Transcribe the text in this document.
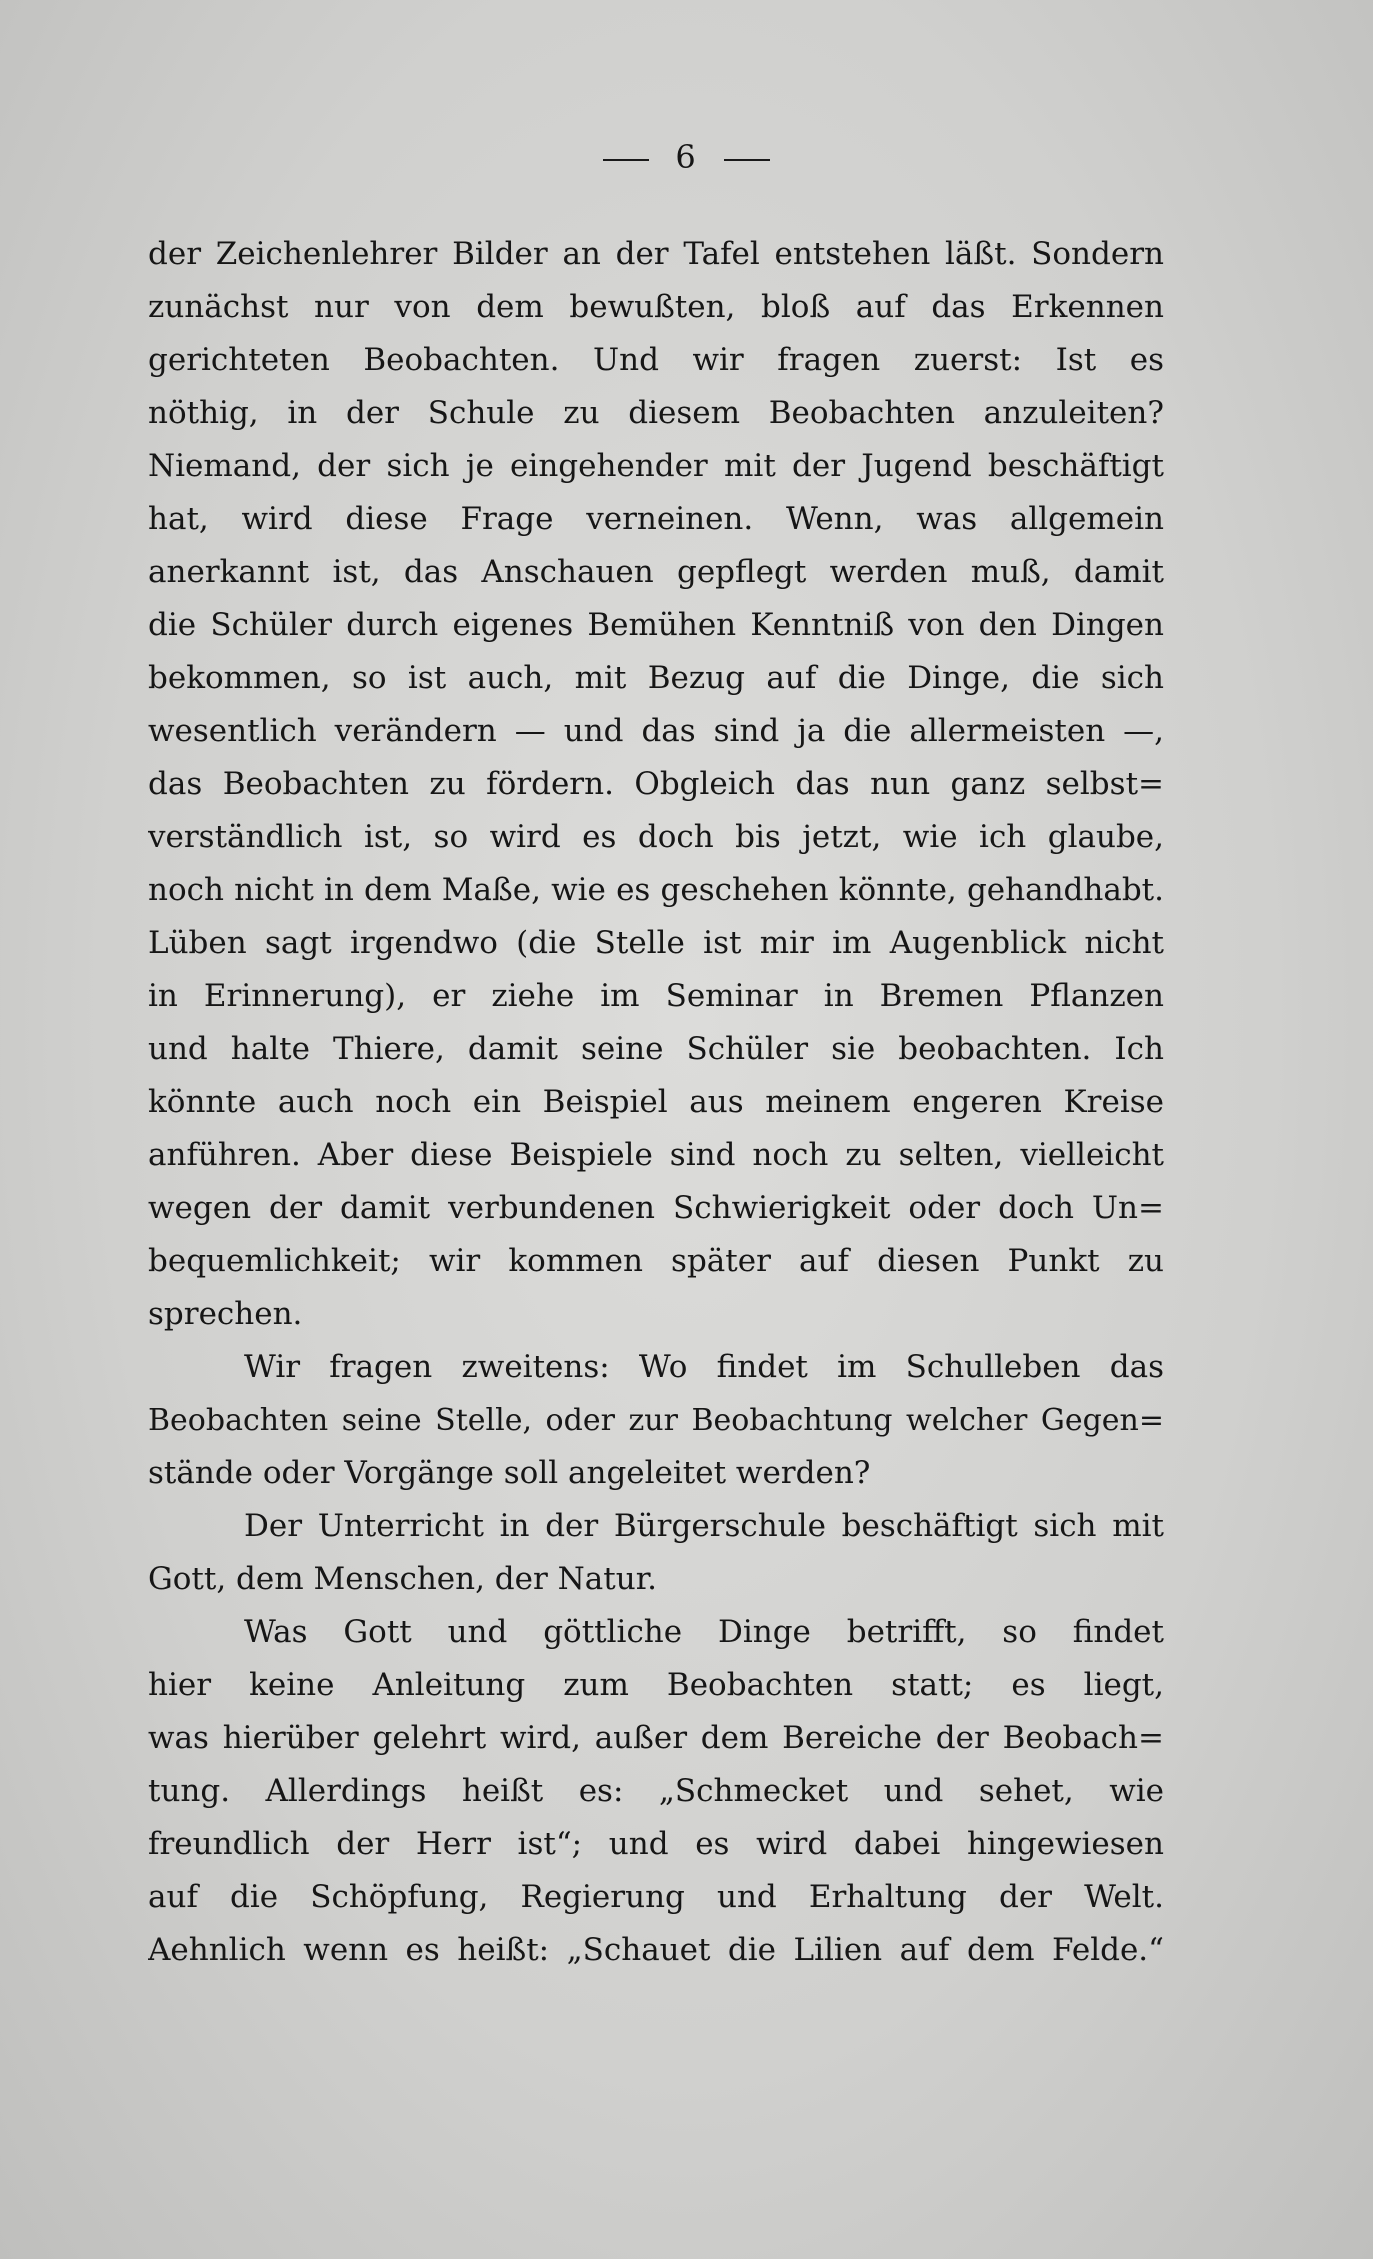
6
der Zeichenlehrer Bilder an der Tafel entstehen läßt. Sondern
zunächst nur von dem bewußten, bloß auf das Erkennen
gerichteten Beobachten. Und wir fragen zuerst: Ist es
nöthig, in der Schule zu diesem Beobachten anzuleiten?
Niemand, der sich je eingehender mit der Jugend beschäftigt
hat, wird diese Frage verneinen. Wenn, was allgemein
anerkannt ist, das Anschauen gepflegt werden muß, damit
die Schüler durch eigenes Bemühen Kenntniß von den Dingen
bekommen, so ist auch, mit Bezug auf die Dinge, die sich
wesentlich verändern — und das sind ja die allermeisten —,
das Beobachten zu fördern. Obgleich das nun ganz selbst=
verständlich ist, so wird es doch bis jetzt, wie ich glaube,
noch nicht in dem Maße, wie es geschehen könnte, gehandhabt.
Lüben sagt irgendwo (die Stelle ist mir im Augenblick nicht
in Erinnerung), er ziehe im Seminar in Bremen Pflanzen
und halte Thiere, damit seine Schüler sie beobachten. Ich
könnte auch noch ein Beispiel aus meinem engeren Kreise
anführen. Aber diese Beispiele sind noch zu selten, vielleicht
wegen der damit verbundenen Schwierigkeit oder doch Un=
bequemlichkeit; wir kommen später auf diesen Punkt zu
sprechen.
Wir fragen zweitens: Wo findet im Schulleben das
Beobachten seine Stelle, oder zur Beobachtung welcher Gegen=
stände oder Vorgänge soll angeleitet werden?
Der Unterricht in der Bürgerschule beschäftigt sich mit
Gott, dem Menschen, der Natur.
Was Gott und göttliche Dinge betrifft, so findet
hier keine Anleitung zum Beobachten statt; es liegt,
was hierüber gelehrt wird, außer dem Bereiche der Beobach=
tung. Allerdings heißt es: „Schmecket und sehet, wie
freundlich der Herr ist“; und es wird dabei hingewiesen
auf die Schöpfung, Regierung und Erhaltung der Welt.
Aehnlich wenn es heißt: „Schauet die Lilien auf dem Felde.“
